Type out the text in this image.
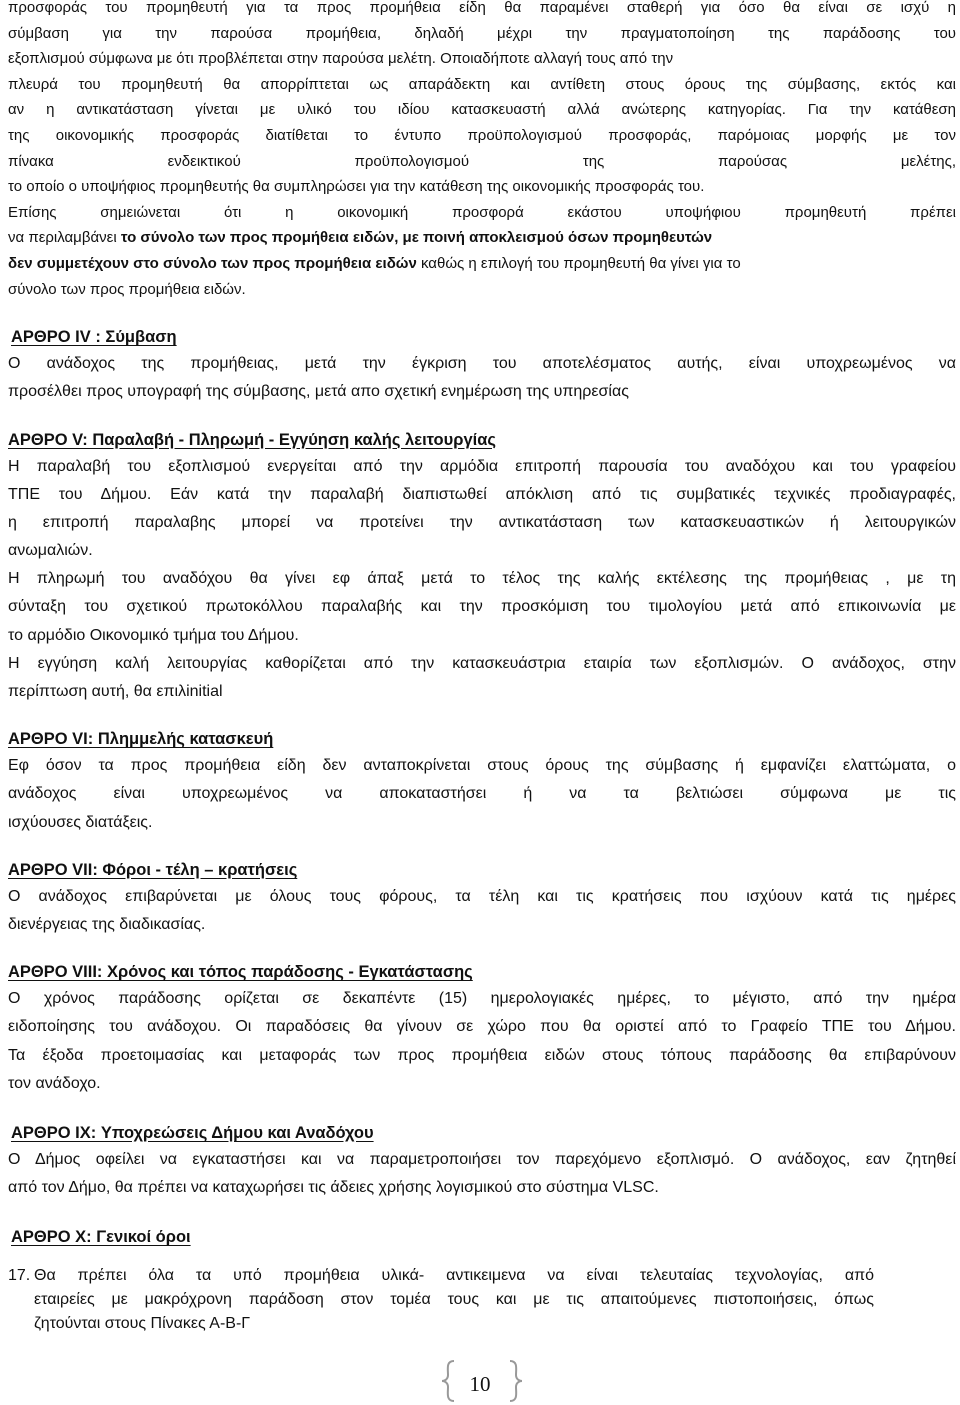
προσφοράς του προμηθευτή για τα προς προμήθεια είδη θα παραμένει σταθερή για όσο θα είναι σε ισχύ η
σύμβαση για την παρούσα προμήθεια, δηλαδή μέχρι την πραγματοποίηση της παράδοσης του
εξοπλισμού σύμφωνα με ότι προβλέπεται στην παρούσα μελέτη. Οποιαδήποτε αλλαγή τους από την
πλευρά του προμηθευτή θα απορρίπτεται ως απαράδεκτη και αντίθετη στους όρους της σύμβασης, εκτός και
αν η αντικατάσταση γίνεται με υλικό του ιδίου κατασκευαστή αλλά ανώτερης κατηγορίας. Για την κατάθεση
της οικονομικής προσφοράς διατίθεται το έντυπο προϋπολογισμού προσφοράς, παρόμοιας μορφής με τον
πίνακα ενδεικτικού προϋπολογισμού της παρούσας μελέτης,
το οποίο ο υποψήφιος προμηθευτής θα συμπληρώσει για την κατάθεση της οικονομικής προσφοράς του.
Επίσης σημειώνεται ότι η οικονομική προσφορά εκάστου υποψήφιου προμηθευτή πρέπει
να περιλαμβάνει το σύνολο των προς προμήθεια ειδών, με ποινή αποκλεισμού όσων προμηθευτών
δεν συμμετέχουν στο σύνολο των προς προμήθεια ειδών καθώς η επιλογή του προμηθευτή θα γίνει για το
σύνολο των προς προμήθεια ειδών.
ΑΡΘΡΟ IV : Σύμβαση
Ο ανάδοχος της προμήθειας, μετά την έγκριση του αποτελέσματος αυτής, είναι υποχρεωμένος να
προσέλθει προς υπογραφή της σύμβασης, μετά απο σχετική ενημέρωση της υπηρεσίας
ΑΡΘΡΟ V: Παραλαβή - Πληρωμή - Εγγύηση καλής λειτουργίας
Η παραλαβή του εξοπλισμού ενεργείται από την αρμόδια επιτροπή παρουσία του αναδόχου και του γραφείου
ΤΠΕ του Δήμου. Εάν κατά την παραλαβή διαπιστωθεί απόκλιση από τις συμβατικές τεχνικές προδιαγραφές,
η επιτροπή παραλαβης μπορεί να προτείνει την αντικατάσταση των κατασκευαστικών ή λειτουργικών
ανωμαλιών.
Η πληρωμή του αναδόχου θα γίνει εφ άπαξ μετά το τέλος της καλής εκτέλεσης της προμήθειας , με τη
σύνταξη του σχετικού πρωτοκόλλου παραλαβής και την προσκόμιση του τιμολογίου μετά από επικοινωνία με
το αρμόδιο Οικονομικό τμήμα του Δήμου.
Η εγγύηση καλή λειτουργίας καθορίζεται από την κατασκευάστρια εταιρία των εξοπλισμών. Ο ανάδοχος, στην
περίπτωση αυτή, θα επιλinitial
ΑΡΘΡΟ VI: Πλημμελής κατασκευή
Εφ όσον τα προς προμήθεια είδη δεν ανταποκρίνεται στους όρους της σύμβασης ή εμφανίζει ελαττώματα, ο
ανάδοχος είναι υποχρεωμένος να αποκαταστήσει ή να τα βελτιώσει σύμφωνα με τις
ισχύουσες διατάξεις.
ΑΡΘΡΟ VII: Φόροι - τέλη – κρατήσεις
Ο ανάδοχος επιβαρύνεται με όλους τους φόρους, τα τέλη και τις κρατήσεις που ισχύουν κατά τις ημέρες
διενέργειας της διαδικασίας.
ΑΡΘΡΟ VIII: Χρόνος και τόπος παράδοσης - Εγκατάστασης
Ο χρόνος παράδοσης ορίζεται σε δεκαπέντε (15) ημερολογιακές ημέρες, το μέγιστο, από την ημέρα
ειδοποίησης του ανάδοχου. Οι παραδόσεις θα γίνουν σε χώρο που θα οριστεί από το Γραφείο ΤΠΕ του Δήμου.
Τα έξοδα προετοιμασίας και μεταφοράς των προς προμήθεια ειδών στους τόπους παράδοσης θα επιβαρύνουν
τον ανάδοχο.
ΑΡΘΡΟ IX: Υποχρεώσεις Δήμου και Αναδόχου
Ο Δήμος οφείλει να εγκαταστήσει και να παραμετροποιήσει τον παρεχόμενο εξοπλισμό. Ο ανάδοχος, εαν ζητηθεί
από τον Δήμο, θα πρέπει να καταχωρήσει τις άδειες χρήσης λογισμικού στο σύστημα VLSC.
ΑΡΘΡΟ X: Γενικοί όροι
17. Θα πρέπει όλα τα υπό προμήθεια υλικά- αντικειμενα να είναι τελευταίας τεχνολογίας, από
εταιρείες με μακρόχρονη παράδοση στον τομέα τους και με τις απαιτούμενες πιστοποιήσεις, όπως
ζητούνται στους Πίνακες Α-Β-Γ
10
